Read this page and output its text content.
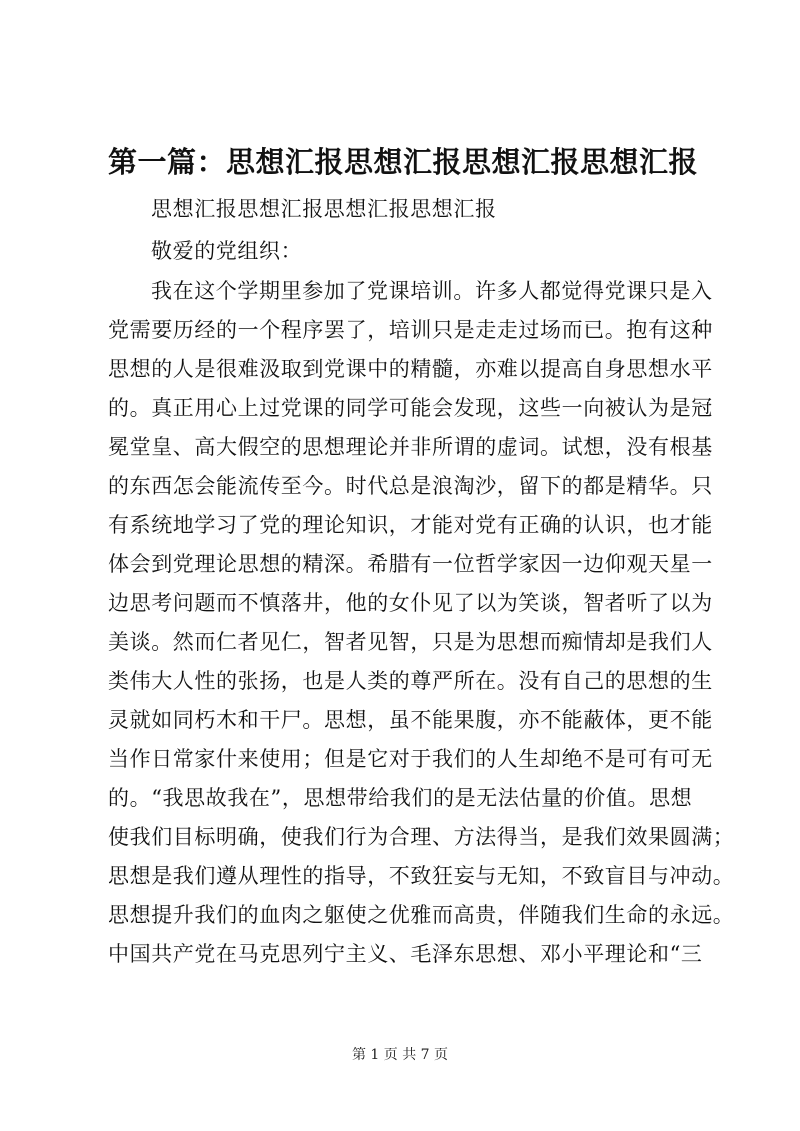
第一篇：思想汇报思想汇报思想汇报思想汇报

思想汇报思想汇报思想汇报思想汇报

敬爱的党组织：

我在这个学期里参加了党课培训。许多人都觉得党课只是入

党需要历经的一个程序罢了，培训只是走走过场而已。抱有这种

思想的人是很难汲取到党课中的精髓，亦难以提高自身思想水平

的。真正用心上过党课的同学可能会发现，这些一向被认为是冠

冕堂皇、高大假空的思想理论并非所谓的虚词。试想，没有根基

的东西怎会能流传至今。时代总是浪淘沙，留下的都是精华。只

有系统地学习了党的理论知识，才能对党有正确的认识，也才能

体会到党理论思想的精深。希腊有一位哲学家因一边仰观天星一

边思考问题而不慎落井，他的女仆见了以为笑谈，智者听了以为

美谈。然而仁者见仁，智者见智，只是为思想而痴情却是我们人

类伟大人性的张扬，也是人类的尊严所在。没有自己的思想的生

灵就如同朽木和干尸。思想，虽不能果腹，亦不能蔽体，更不能

当作日常家什来使用；但是它对于我们的人生却绝不是可有可无

的。“我思故我在”，思想带给我们的是无法估量的价值。思想

使我们目标明确，使我们行为合理、方法得当，是我们效果圆满；

思想是我们遵从理性的指导，不致狂妄与无知，不致盲目与冲动。

思想提升我们的血肉之躯使之优雅而高贵，伴随我们生命的永远。

中国共产党在马克思列宁主义、毛泽东思想、邓小平理论和“三

第 1 页 共 7 页
